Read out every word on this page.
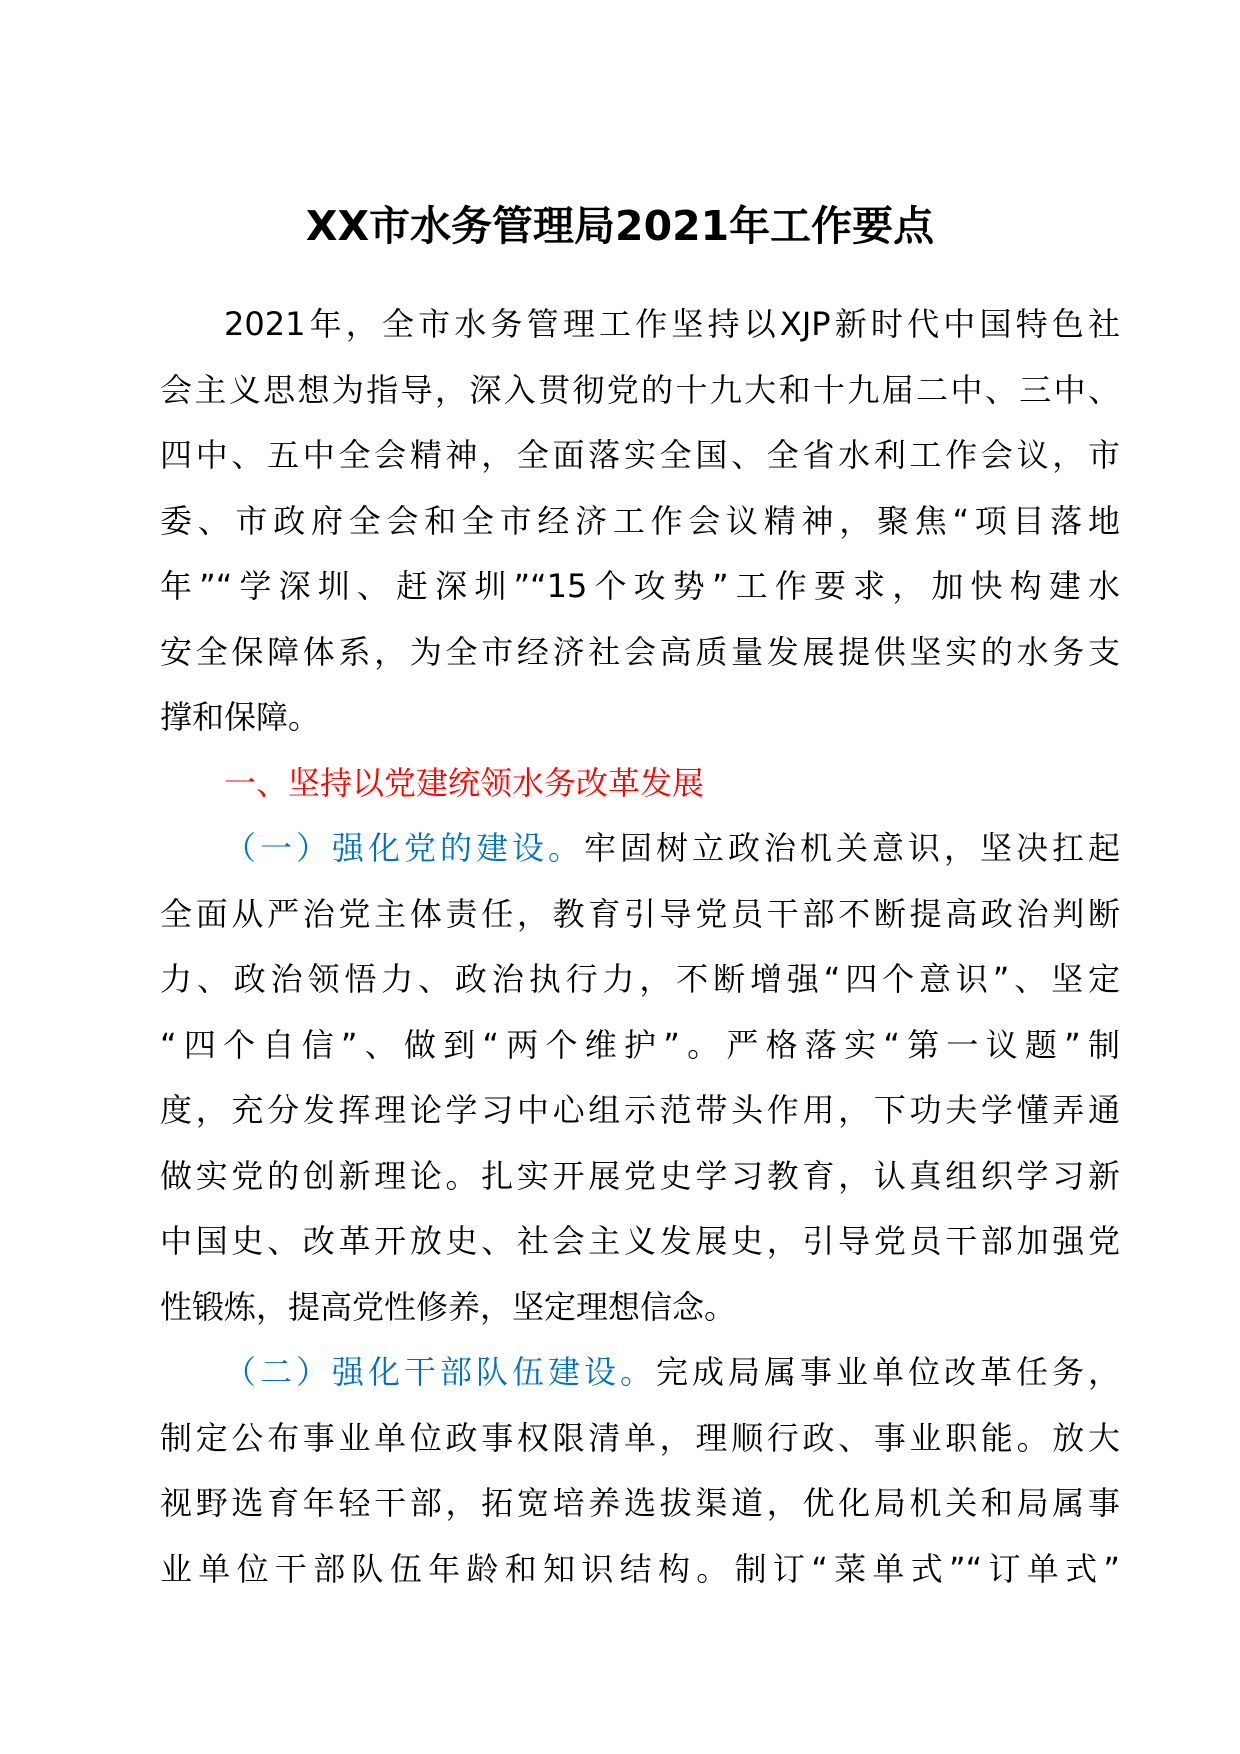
XX市水务管理局2021年工作要点
2021年，全市水务管理工作坚持以XJP新时代中国特色社
会主义思想为指导，深入贯彻党的十九大和十九届二中、三中、
四中、五中全会精神，全面落实全国、全省水利工作会议，市
委、市政府全会和全市经济工作会议精神，聚焦“项目落地
年”“学深圳、赶深圳”“15个攻势”工作要求，加快构建水
安全保障体系，为全市经济社会高质量发展提供坚实的水务支
撑和保障。
一、坚持以党建统领水务改革发展
（一）强化党的建设。牢固树立政治机关意识，坚决扛起
全面从严治党主体责任，教育引导党员干部不断提高政治判断
力、政治领悟力、政治执行力，不断增强“四个意识”、坚定
“四个自信”、做到“两个维护”。严格落实“第一议题”制
度，充分发挥理论学习中心组示范带头作用，下功夫学懂弄通
做实党的创新理论。扎实开展党史学习教育，认真组织学习新
中国史、改革开放史、社会主义发展史，引导党员干部加强党
性锻炼，提高党性修养，坚定理想信念。
（二）强化干部队伍建设。完成局属事业单位改革任务，
制定公布事业单位政事权限清单，理顺行政、事业职能。放大
视野选育年轻干部，拓宽培养选拔渠道，优化局机关和局属事
业单位干部队伍年龄和知识结构。制订“菜单式”“订单式”
